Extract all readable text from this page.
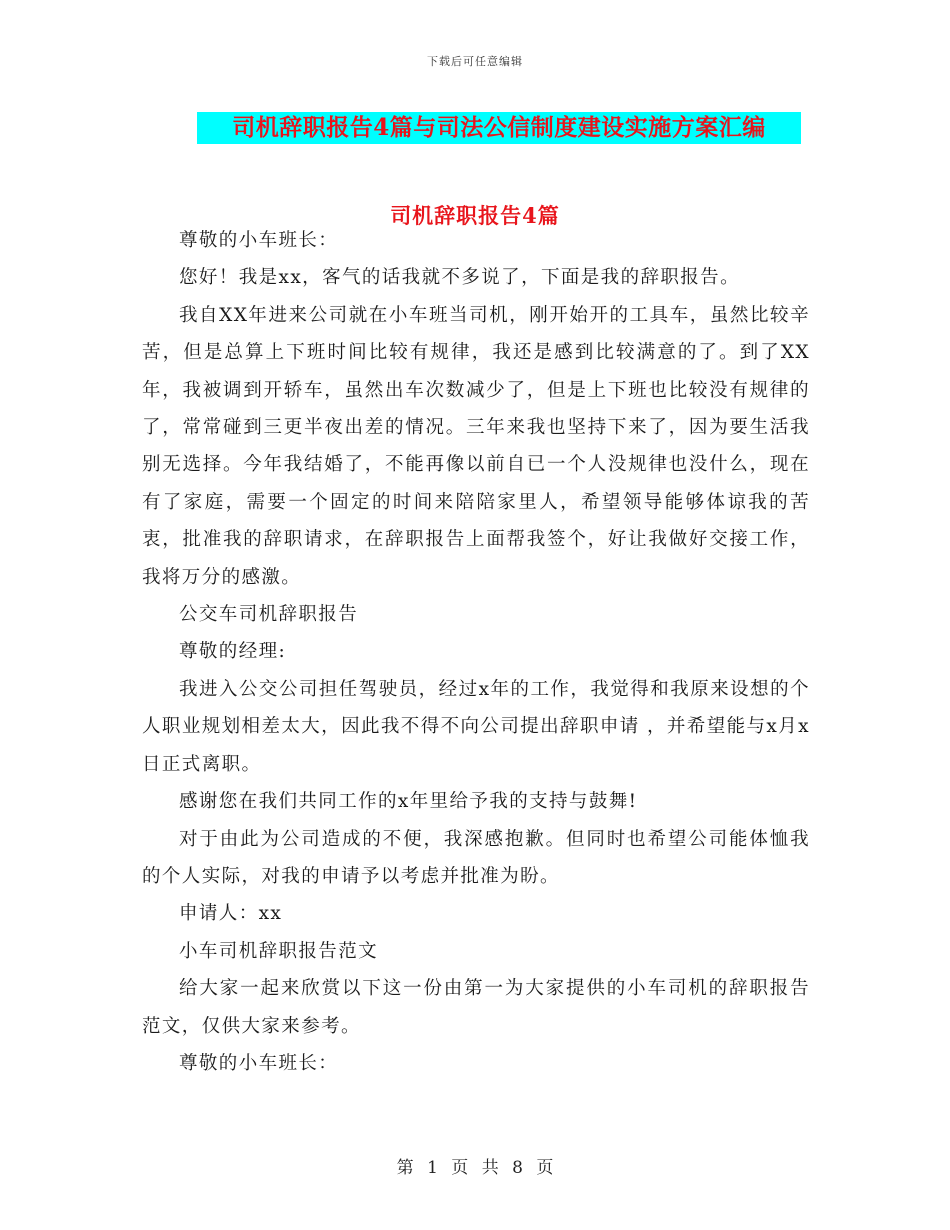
下载后可任意编辑
司机辞职报告4篇与司法公信制度建设实施方案汇编
司机辞职报告4篇

尊敬的小车班长：

您好！我是xx，客气的话我就不多说了，下面是我的辞职报告。

我自XX年进来公司就在小车班当司机，刚开始开的工具车，虽然比较辛苦，但是总算上下班时间比较有规律，我还是感到比较满意的了。到了XX年，我被调到开轿车，虽然出车次数减少了，但是上下班也比较没有规律的了，常常碰到三更半夜出差的情况。三年来我也坚持下来了，因为要生活我别无选择。今年我结婚了，不能再像以前自已一个人没规律也没什么，现在有了家庭，需要一个固定的时间来陪陪家里人，希望领导能够体谅我的苦衷，批准我的辞职请求，在辞职报告上面帮我签个，好让我做好交接工作，我将万分的感激。

公交车司机辞职报告

尊敬的经理:

我进入公交公司担任驾驶员，经过x年的工作，我觉得和我原来设想的个人职业规划相差太大，因此我不得不向公司提出辞职申请 ，并希望能与x月x日正式离职。

感谢您在我们共同工作的x年里给予我的支持与鼓舞!

对于由此为公司造成的不便，我深感抱歉。但同时也希望公司能体恤我的个人实际，对我的申请予以考虑并批准为盼。

申请人：xx

小车司机辞职报告范文

给大家一起来欣赏以下这一份由第一为大家提供的小车司机的辞职报告范文，仅供大家来参考。

尊敬的小车班长：

第 1 页 共 8 页
